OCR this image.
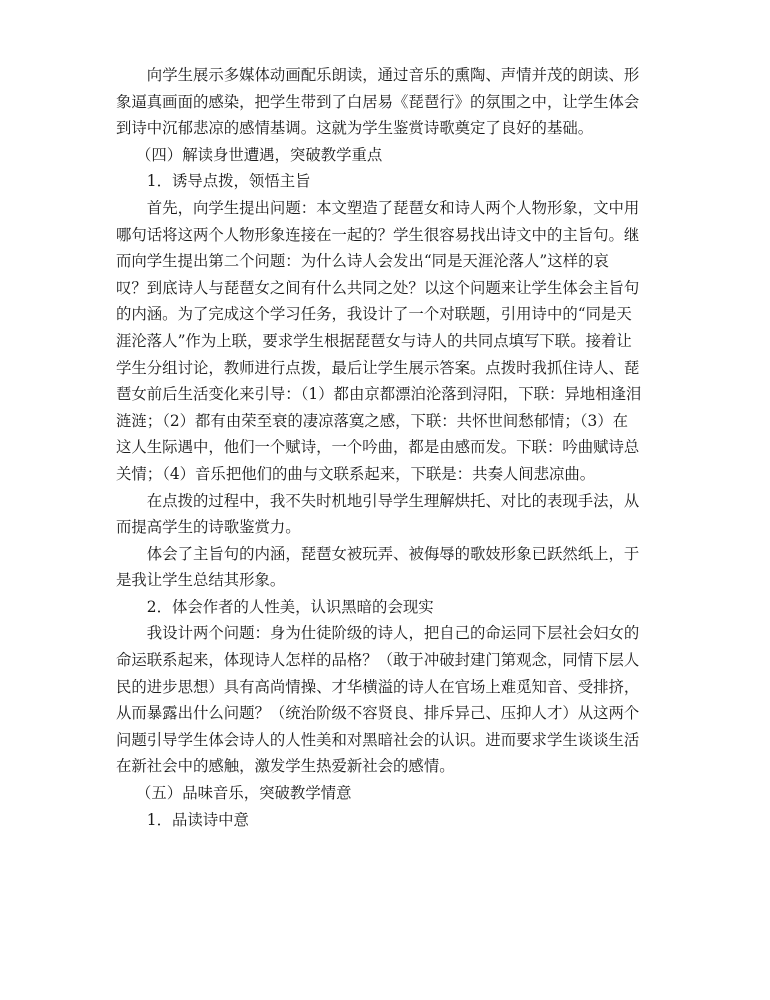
向学生展示多媒体动画配乐朗读，通过音乐的熏陶、声情并茂的朗读、形
象逼真画面的感染，把学生带到了白居易《琵琶行》的氛围之中，让学生体会
到诗中沉郁悲凉的感情基调。这就为学生鉴赏诗歌奠定了良好的基础。
（四）解读身世遭遇，突破教学重点
1．诱导点拨，领悟主旨
首先，向学生提出问题：本文塑造了琵琶女和诗人两个人物形象，文中用
哪句话将这两个人物形象连接在一起的？学生很容易找出诗文中的主旨句。继
而向学生提出第二个问题：为什么诗人会发出“同是天涯沦落人”这样的哀
叹？到底诗人与琵琶女之间有什么共同之处？以这个问题来让学生体会主旨句
的内涵。为了完成这个学习任务，我设计了一个对联题，引用诗中的“同是天
涯沦落人”作为上联，要求学生根据琵琶女与诗人的共同点填写下联。接着让
学生分组讨论，教师进行点拨，最后让学生展示答案。点拨时我抓住诗人、琵
琶女前后生活变化来引导：（1）都由京都漂泊沦落到浔阳，下联：异地相逢泪
涟涟；（2）都有由荣至衰的凄凉落寞之感，下联：共怀世间愁郁情；（3）在
这人生际遇中，他们一个赋诗，一个吟曲，都是由感而发。下联：吟曲赋诗总
关情；（4）音乐把他们的曲与文联系起来，下联是：共奏人间悲凉曲。
在点拨的过程中，我不失时机地引导学生理解烘托、对比的表现手法，从
而提高学生的诗歌鉴赏力。
体会了主旨句的内涵，琵琶女被玩弄、被侮辱的歌妓形象已跃然纸上，于
是我让学生总结其形象。
2．体会作者的人性美，认识黑暗的会现实
我设计两个问题：身为仕徒阶级的诗人，把自己的命运同下层社会妇女的
命运联系起来，体现诗人怎样的品格？（敢于冲破封建门第观念，同情下层人
民的进步思想）具有高尚情操、才华横溢的诗人在官场上难觅知音、受排挤，
从而暴露出什么问题？（统治阶级不容贤良、排斥异己、压抑人才）从这两个
问题引导学生体会诗人的人性美和对黑暗社会的认识。进而要求学生谈谈生活
在新社会中的感触，激发学生热爱新社会的感情。
（五）品味音乐，突破教学情意
1．品读诗中意
